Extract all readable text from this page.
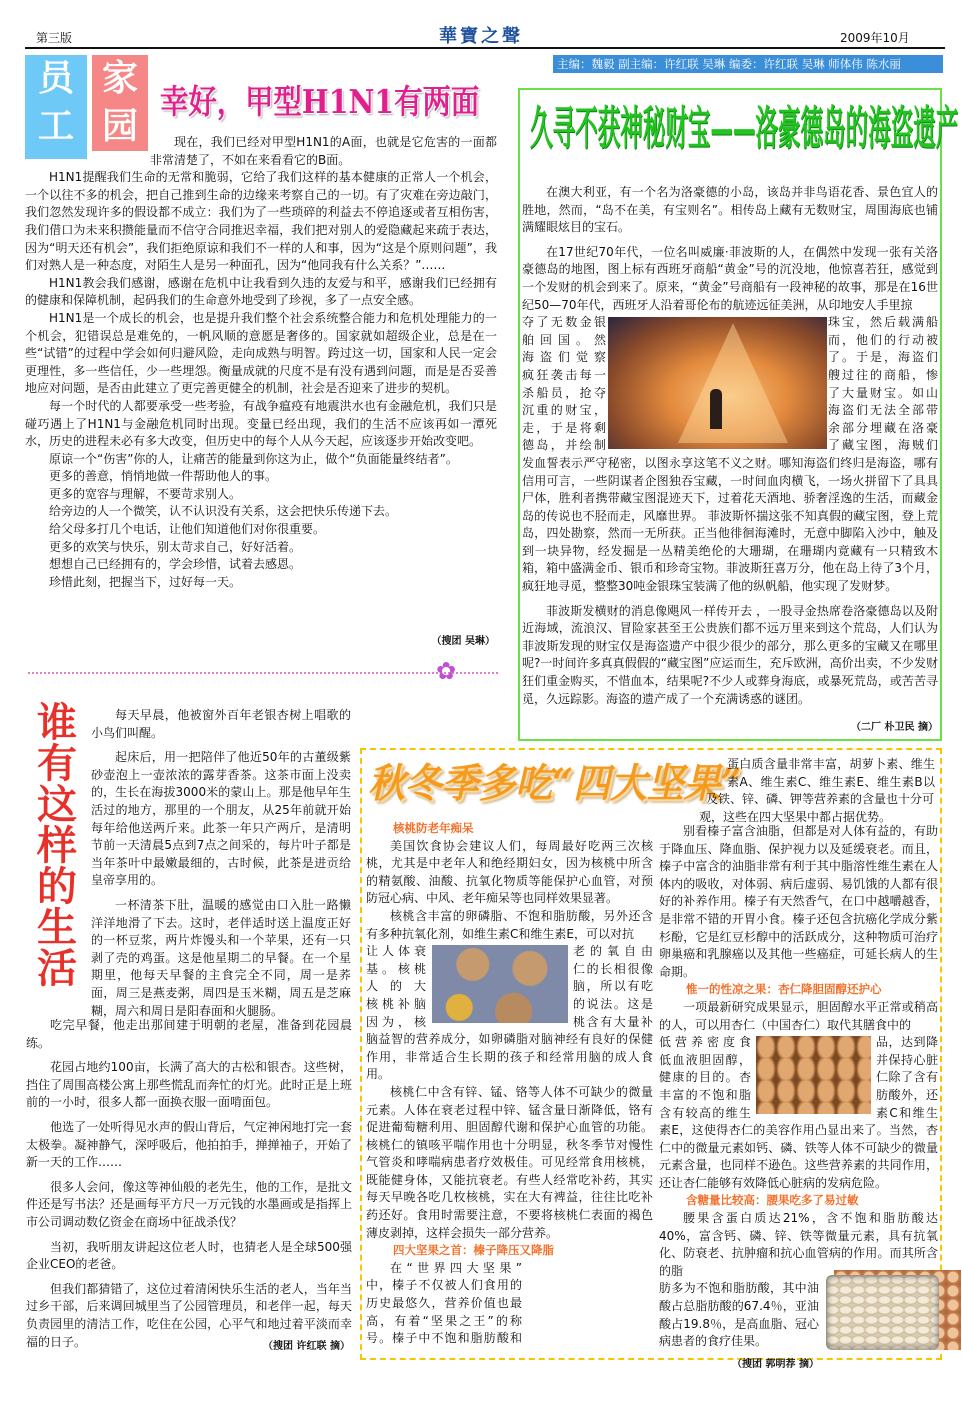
第三版	華寶之聲	2009年10月
主编：魏毅 副主编：许红联 吴琳 编委：许红联 吴琳 师体伟 陈水丽
员
工
家
园
幸好，甲型H1N1有两面

现在，我们已经对甲型H1N1的A面，也就是它危害的一面都非常清楚了，不如在来看看它的B面。

H1N1提醒我们生命的无常和脆弱，它给了我们这样的基本健康的正常人一个机会，一个以往不多的机会，把自己推到生命的边缘来考察自己的一切。有了灾难在旁边敲门，我们忽然发现许多的假设都不成立：我们为了一些琐碎的利益去不停追逐或者互相伤害，我们借口为未来积攒能量而不信守合同推迟幸福，我们把对别人的爱隐藏起来疏于表达，因为“明天还有机会”，我们拒绝原谅和我们不一样的人和事，因为“这是个原则问题”，我们对熟人是一种态度，对陌生人是另一种面孔，因为“他同我有什么关系？”……

H1N1教会我们感谢，感谢在危机中让我看到久违的友爱与和平，感谢我们已经拥有的健康和保障机制，起码我们的生命意外地受到了珍视，多了一点安全感。

H1N1是一个成长的机会，也是提升我们整个社会系统整合能力和危机处理能力的一个机会，犯错误总是难免的，一帆风顺的意愿是奢侈的。国家就如超级企业，总是在一些“试错”的过程中学会如何归避风险，走向成熟与明智。跨过这一切，国家和人民一定会更理性，多一些信任，少一些埋怨。衡量成就的尺度不是有没有遇到问题，而是是否妥善地应对问题，是否由此建立了更完善更健全的机制，社会是否迎来了进步的契机。

每一个时代的人都要承受一些考验，有战争瘟疫有地震洪水也有金融危机，我们只是碰巧遇上了H1N1与金融危机同时出现。变量已经出现，我们的生活不应该再如一潭死水，历史的进程未必有多大改变，但历史中的每个人从今天起，应该逐步开始改变吧。

原谅一个“伤害”你的人，让痛苦的能量到你这为止，做个“负面能量终结者”。

更多的善意，悄悄地做一件帮助他人的事。

更多的宽容与理解，不要苛求别人。

给旁边的人一个微笑，认不认识没有关系，这会把快乐传递下去。

给父母多打几个电话，让他们知道他们对你很重要。

更多的欢笑与快乐，别太苛求自己，好好活着。

想想自己已经拥有的，学会珍惜，试着去感恩。

珍惜此刻，把握当下，过好每一天。

（搜团 吴琳）
✿
久寻不获神秘财宝——洛豪德岛的海盗遗产

在澳大利亚，有一个名为洛豪德的小岛，该岛并非鸟语花香、景色宜人的胜地，然而，“岛不在美，有宝则名”。相传岛上藏有无数财宝，周围海底也铺满耀眼炫目的宝石。

在17世纪70年代，一位名叫威廉·菲波斯的人，在偶然中发现一张有关洛豪德岛的地图，图上标有西班牙商船“黄金”号的沉没地，他惊喜若狂，感觉到一个发财的机会到来了。原来，“黄金”号商船有一段神秘的故事，那是在16世纪50—70年代，西班牙人沿着哥伦布的航迹远征美洲，从印地安人手里掠

夺了无数金银
舶回国。然
海盗们觉察
疯狂袭击每一
杀船员，抢夺
沉重的财宝，
走，于是将剩
德岛，并绘制
珠宝，然后载满船
而，他们的行动被
了。于是，海盗们
艘过往的商船，惨
了大量财宝。如山
海盗们无法全部带
余部分埋藏在洛豪
了藏宝图，海贼们

发血誓表示严守秘密，以图永享这笔不义之财。哪知海盗们终归是海盗，哪有信用可言，一些阴谋者企图独吞宝藏，一时间血肉横飞，一场火拼留下了具具尸体，胜利者携带藏宝图混迹天下，过着花天酒地、骄奢淫逸的生活，而藏金岛的传说也不胫而走，风靡世界。 菲波斯怀揣这张不知真假的藏宝图，登上荒岛，四处勘察，然而一无所获。正当他徘徊海滩时，无意中脚陷入沙中，触及到一块异物，经发掘是一丛精美绝伦的大珊瑚，在珊瑚内竟藏有一只精致木箱，箱中盛满金币、银币和珍奇宝物。菲波斯狂喜万分，他在岛上待了3个月，疯狂地寻觅，整整30吨金银珠宝装满了他的纵帆船，他实现了发财梦。

菲波斯发横财的消息像飓风一样传开去 ，一股寻金热席卷洛豪德岛以及附近海域，流浪汉、冒险家甚至王公贵族们都不远万里来到这个荒岛，人们认为菲波斯发现的财宝仅是海盗遗产中很少很少的部分，那么更多的宝藏又在哪里呢?一时间许多真真假假的“藏宝图”应运而生，充斥欧洲，高价出卖，不少发财狂们重金购买，不惜血本，结果呢?不少人或葬身海底，或暴死荒岛，或苦苦寻觅，久远踪影。海盗的遗产成了一个充满诱惑的谜团。

（二厂 朴卫民 摘）
谁有这样的生活

每天早晨，他被窗外百年老银杏树上唱歌的小鸟们叫醒。

起床后，用一把陪伴了他近50年的古董级紫砂壶泡上一壶浓浓的露芽香茶。这茶市面上没卖的，生长在海拔3000米的蒙山上。那是他早年生活过的地方，那里的一个朋友，从25年前就开始每年给他送两斤来。此茶一年只产两斤，是清明节前一天清晨5点到7点之间采的，每片叶子都是当年茶叶中最嫩最细的，古时候，此茶是进贡给皇帝享用的。

一杯清茶下肚，温暖的感觉由口入肚一路懒洋洋地滑了下去。这时，老伴适时送上温度正好的一杯豆浆，两片炸馒头和一个苹果，还有一只剥了壳的鸡蛋。这是他星期二的早餐。在一个星期里，他每天早餐的主食完全不同，周一是荞面，周三是燕麦粥，周四是玉米糊，周五是芝麻糊，周六和周日是阳春面和火腿肠。

吃完早餐，他走出那间建于明朝的老屋，准备到花园晨练。

花园占地约100亩，长满了高大的古松和银杏。这些树，挡住了周围高楼公寓上那些慌乱而奔忙的灯光。此时正是上班前的一小时，很多人都一面换衣服一面啃面包。

他选了一处听得见水声的假山背后，气定神闲地打完一套太极拳。凝神静气，深呼吸后，他拍拍手，掸掸袖子，开始了新一天的工作……

很多人会问，像这等神仙般的老先生，他的工作，是批文件还是写书法？还是画每平方尺一万元钱的水墨画或是指挥上市公司调动数亿资金在商场中征战杀伐？

当初，我听朋友讲起这位老人时，也猜老人是全球500强企业CEO的老爸。

但我们都猜错了，这位过着清闲快乐生活的老人，当年当过乡干部，后来调回城里当了公园管理员，和老伴一起，每天负责园里的清洁工作，吃住在公园，心平气和地过着平淡而幸福的日子。	（搜团 许红联 摘）
秋冬季多吃“四大坚果”
蛋白质含量非常丰富，胡萝卜素、维生
素A、维生素C、维生素E、维生素B以
及铁、锌、磷、钾等营养素的含量也十分可
观，这些在四大坚果中都占据优势。
核桃防老年痴呆

美国饮食协会建议人们，每周最好吃两三次核桃，尤其是中老年人和绝经期妇女，因为核桃中所含的精氨酸、油酸、抗氧化物质等能保护心血管，对预防冠心病、中风、老年痴呆等也同样效果显著。

核桃含丰富的卵磷脂、不饱和脂肪酸，另外还含有多种抗氧化剂，如维生素C和维生素E，可以对抗

让人体衰
基。核桃
人的大
核桃补脑
因为，核
老的氧自由
仁的长相很像
脑，所以有吃
的说法。这是
桃含有大量补

脑益智的营养成分，如卵磷脂对脑神经有良好的保健作用，非常适合生长期的孩子和经常用脑的成人食用。

核桃仁中含有锌、锰、铬等人体不可缺少的微量元素。人体在衰老过程中锌、锰含量日渐降低，铬有促进葡萄糖利用、胆固醇代谢和保护心血管的功能。核桃仁的镇咳平喘作用也十分明显，秋冬季节对慢性气管炎和哮喘病患者疗效极佳。可见经常食用核桃，既能健身体，又能抗衰老。有些人经常吃补药，其实每天早晚各吃几枚核桃，实在大有裨益，往往比吃补药还好。食用时需要注意，不要将核桃仁表面的褐色薄皮剥掉，这样会损失一部分营养。

四大坚果之首：榛子降压又降脂
在“世界四大坚果”
中，榛子不仅被人们食用的
历史最悠久，营养价值也最
高，有着“坚果之王”的称
号。榛子中不饱和脂肪酸和

别看榛子富含油脂，但都是对人体有益的，有助于降血压、降血脂、保护视力以及延缓衰老。而且，榛子中富含的油脂非常有利于其中脂溶性维生素在人体内的吸收，对体弱、病后虚弱、易饥饿的人都有很好的补养作用。榛子有天然香气，在口中越嚼越香，是非常不错的开胃小食。榛子还包含抗癌化学成分紫杉酚，它是红豆杉醇中的活跃成分，这种物质可治疗卵巢癌和乳腺癌以及其他一些癌症，可延长病人的生命期。

惟一的性凉之果：杏仁降胆固醇还护心

一项最新研究成果显示，胆固醇水平正常或稍高的人，可以用杏仁（中国杏仁）取代其膳食中的

低营养密度食
低血液胆固醇，
健康的目的。杏
丰富的不饱和脂
含有较高的维生
品，达到降
并保持心脏
仁除了含有
肪酸外，还
素C和维生

素E，这使得杏仁的美容作用凸显出来了。当然，杏仁中的微量元素如钙、磷、铁等人体不可缺少的微量元素含量，也同样不逊色。这些营养素的共同作用，还让杏仁能够有效降低心脏病的发病危险。

含糖量比较高：腰果吃多了易过敏

腰果含蛋白质达21%，含不饱和脂肪酸达40%，富含钙、磷、锌、铁等微量元素，具有抗氧化、防衰老、抗肿瘤和抗心血管病的作用。而其所含的脂

肪多为不饱和脂肪酸，其中油
酸占总脂肪酸的67.4％，亚油
酸占19.8％，是高血脂、冠心
病患者的食疗佳果。
（搜团 郭明荐 摘）
